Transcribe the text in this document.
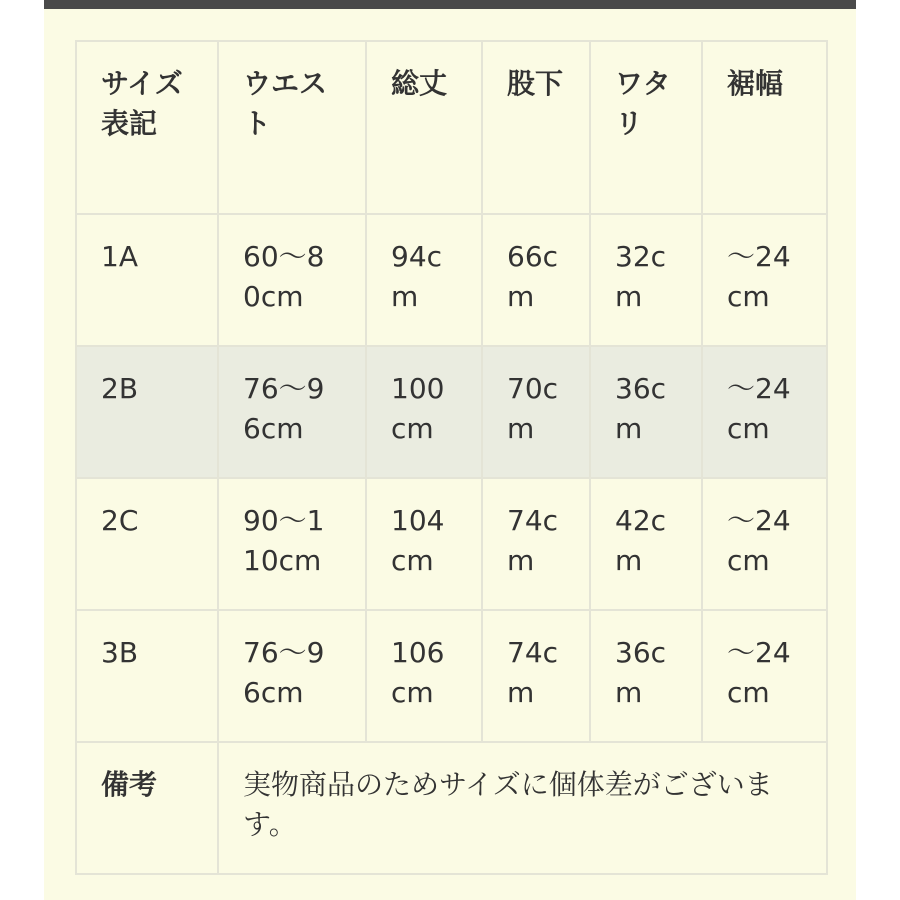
サイズ表記	ウエスト	総丈	股下	ワタリ	裾幅
1A	60〜80cm	94cm	66cm	32cm	〜24cm
2B	76〜96cm	100cm	70cm	36cm	〜24cm
2C	90〜110cm	104cm	74cm	42cm	〜24cm
3B	76〜96cm	106cm	74cm	36cm	〜24cm
備考	実物商品のためサイズに個体差がございます。				
